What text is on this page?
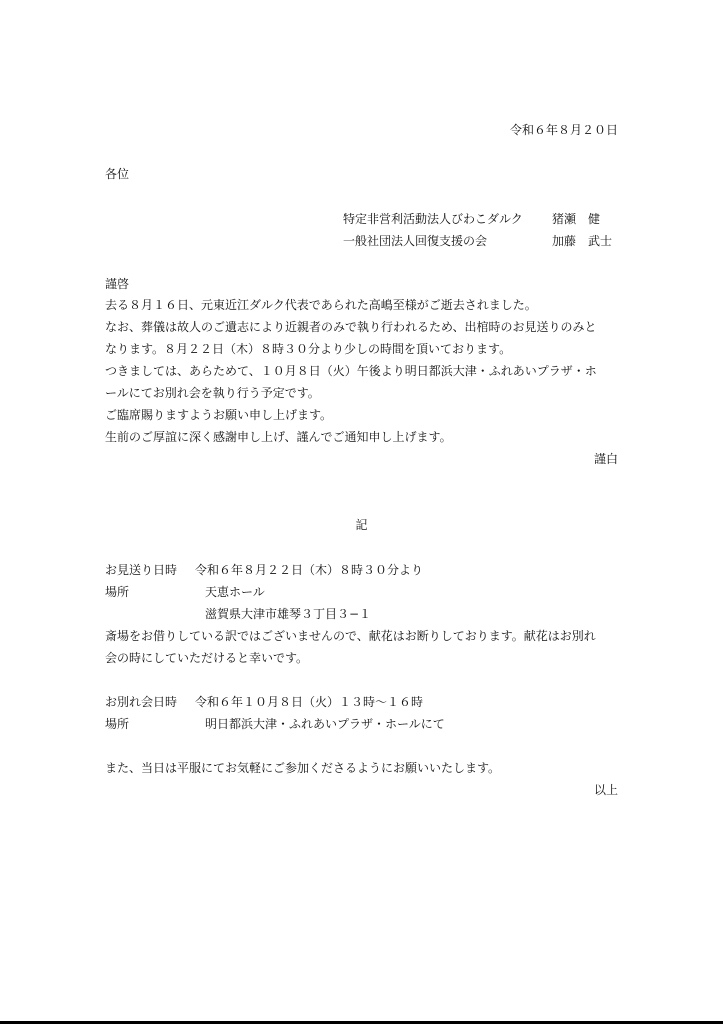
令和６年８月２０日
各位
特定非営利活動法人びわこダルク 猪瀬　健
一般社団法人回復支援の会	加藤　武士
謹啓
去る８月１６日、元東近江ダルク代表であられた高嶋至様がご逝去されました。
なお、葬儀は故人のご遺志により近親者のみで執り行われるため、出棺時のお見送りのみと
なります。８月２２日（木）８時３０分より少しの時間を頂いております。
つきましては、あらためて、１０月８日（火）午後より明日都浜大津・ふれあいプラザ・ホ
ールにてお別れ会を執り行う予定です。
ご臨席賜りますようお願い申し上げます。
生前のご厚誼に深く感謝申し上げ、謹んでご通知申し上げます。
謹白
記
お見送り日時 令和６年８月２２日（木）８時３０分より
場所	天恵ホール
滋賀県大津市雄琴３丁目３−１
斎場をお借りしている訳ではございませんので、献花はお断りしております。献花はお別れ
会の時にしていただけると幸いです。
お別れ会日時 令和６年１０月８日（火）１３時〜１６時
場所	明日都浜大津・ふれあいプラザ・ホールにて
また、当日は平服にてお気軽にご参加くださるようにお願いいたします。
以上
